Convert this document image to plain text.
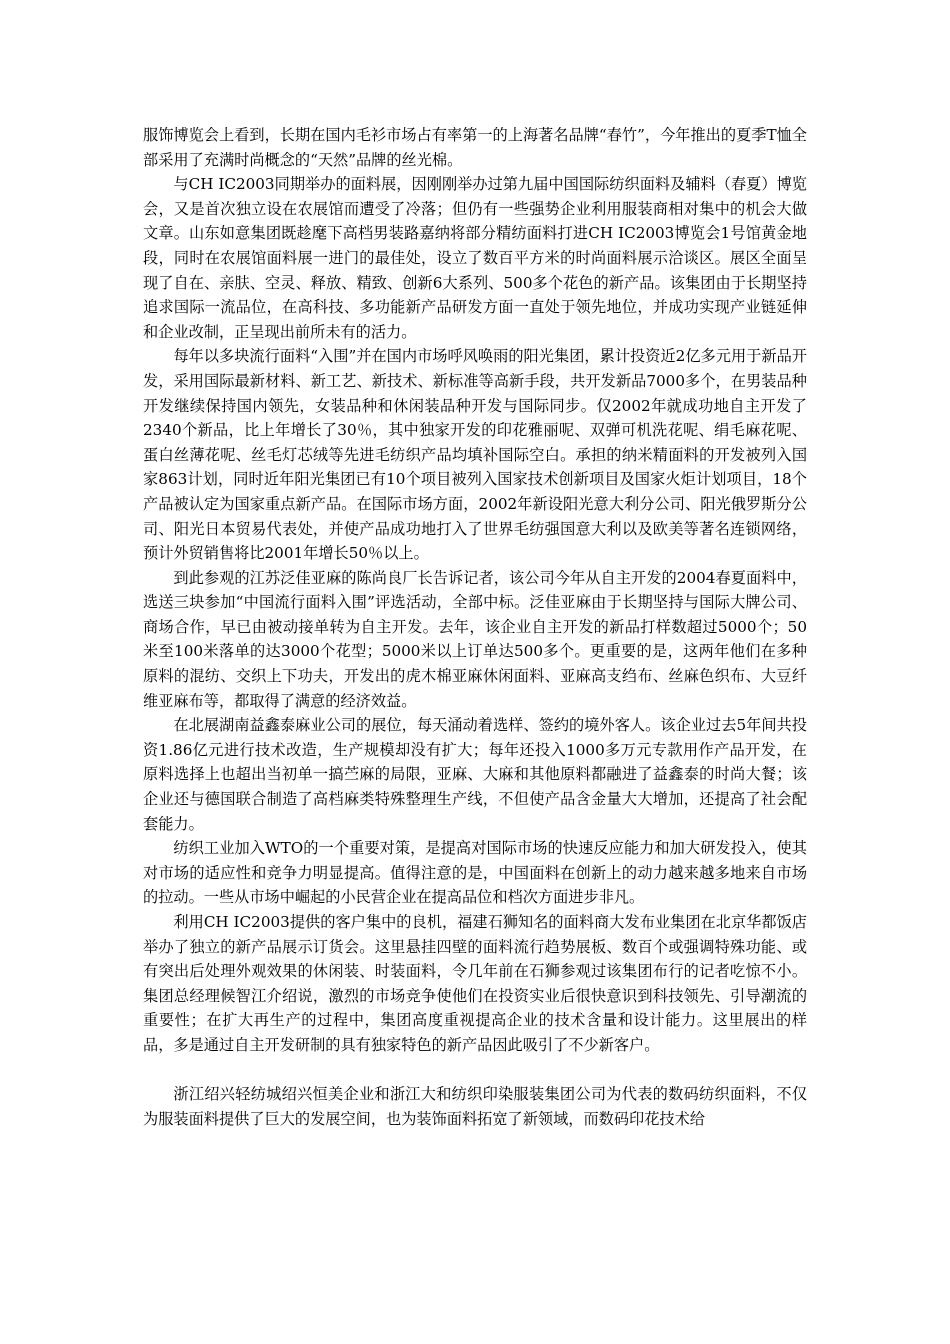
服饰博览会上看到，长期在国内毛衫市场占有率第一的上海著名品牌“春竹”，今年推出的夏季T恤全部采用了充满时尚概念的“天然”品牌的丝光棉。

与CH IC2003同期举办的面料展，因刚刚举办过第九届中国国际纺织面料及辅料（春夏）博览会，又是首次独立设在农展馆而遭受了冷落；但仍有一些强势企业利用服装商相对集中的机会大做文章。山东如意集团既趁麾下高档男装路嘉纳将部分精纺面料打进CH IC2003博览会1号馆黄金地段，同时在农展馆面料展一进门的最佳处，设立了数百平方米的时尚面料展示洽谈区。展区全面呈现了自在、亲肤、空灵、释放、精致、创新6大系列、500多个花色的新产品。该集团由于长期坚持追求国际一流品位，在高科技、多功能新产品研发方面一直处于领先地位，并成功实现产业链延伸和企业改制，正呈现出前所未有的活力。

每年以多块流行面料“入围”并在国内市场呼风唤雨的阳光集团，累计投资近2亿多元用于新品开发，采用国际最新材料、新工艺、新技术、新标准等高新手段，共开发新品7000多个，在男装品种开发继续保持国内领先，女装品种和休闲装品种开发与国际同步。仅2002年就成功地自主开发了2340个新品，比上年增长了30％，其中独家开发的印花雅丽呢、双弹可机洗花呢、绢毛麻花呢、蛋白丝薄花呢、丝毛灯芯绒等先进毛纺织产品均填补国际空白。承担的纳米精面料的开发被列入国家863计划，同时近年阳光集团已有10个项目被列入国家技术创新项目及国家火炬计划项目，18个产品被认定为国家重点新产品。在国际市场方面，2002年新设阳光意大利分公司、阳光俄罗斯分公司、阳光日本贸易代表处，并使产品成功地打入了世界毛纺强国意大利以及欧美等著名连锁网络，预计外贸销售将比2001年增长50％以上。

到此参观的江苏泛佳亚麻的陈尚良厂长告诉记者，该公司今年从自主开发的2004春夏面料中，选送三块参加“中国流行面料入围”评选活动，全部中标。泛佳亚麻由于长期坚持与国际大牌公司、商场合作，早已由被动接单转为自主开发。去年，该企业自主开发的新品打样数超过5000个；50米至100米落单的达3000个花型；5000米以上订单达500多个。更重要的是，这两年他们在多种原料的混纺、交织上下功夫，开发出的虎木棉亚麻休闲面料、亚麻高支绉布、丝麻色织布、大豆纤维亚麻布等，都取得了满意的经济效益。

在北展湖南益鑫泰麻业公司的展位，每天涌动着选样、签约的境外客人。该企业过去5年间共投资1.86亿元进行技术改造，生产规模却没有扩大；每年还投入1000多万元专款用作产品开发，在原料选择上也超出当初单一搞苎麻的局限，亚麻、大麻和其他原料都融进了益鑫泰的时尚大餐；该企业还与德国联合制造了高档麻类特殊整理生产线，不但使产品含金量大大增加，还提高了社会配套能力。

纺织工业加入WTO的一个重要对策，是提高对国际市场的快速反应能力和加大研发投入，使其对市场的适应性和竞争力明显提高。值得注意的是，中国面料在创新上的动力越来越多地来自市场的拉动。一些从市场中崛起的小民营企业在提高品位和档次方面进步非凡。

利用CH IC2003提供的客户集中的良机，福建石狮知名的面料商大发布业集团在北京华都饭店举办了独立的新产品展示订货会。这里悬挂四壁的面料流行趋势展板、数百个或强调特殊功能、或有突出后处理外观效果的休闲装、时装面料，令几年前在石狮参观过该集团布行的记者吃惊不小。集团总经理候智江介绍说，激烈的市场竞争使他们在投资实业后很快意识到科技领先、引导潮流的重要性；在扩大再生产的过程中，集团高度重视提高企业的技术含量和设计能力。这里展出的样品，多是通过自主开发研制的具有独家特色的新产品因此吸引了不少新客户。

浙江绍兴轻纺城绍兴恒美企业和浙江大和纺织印染服装集团公司为代表的数码纺织面料，不仅为服装面料提供了巨大的发展空间，也为装饰面料拓宽了新领域，而数码印花技术给
